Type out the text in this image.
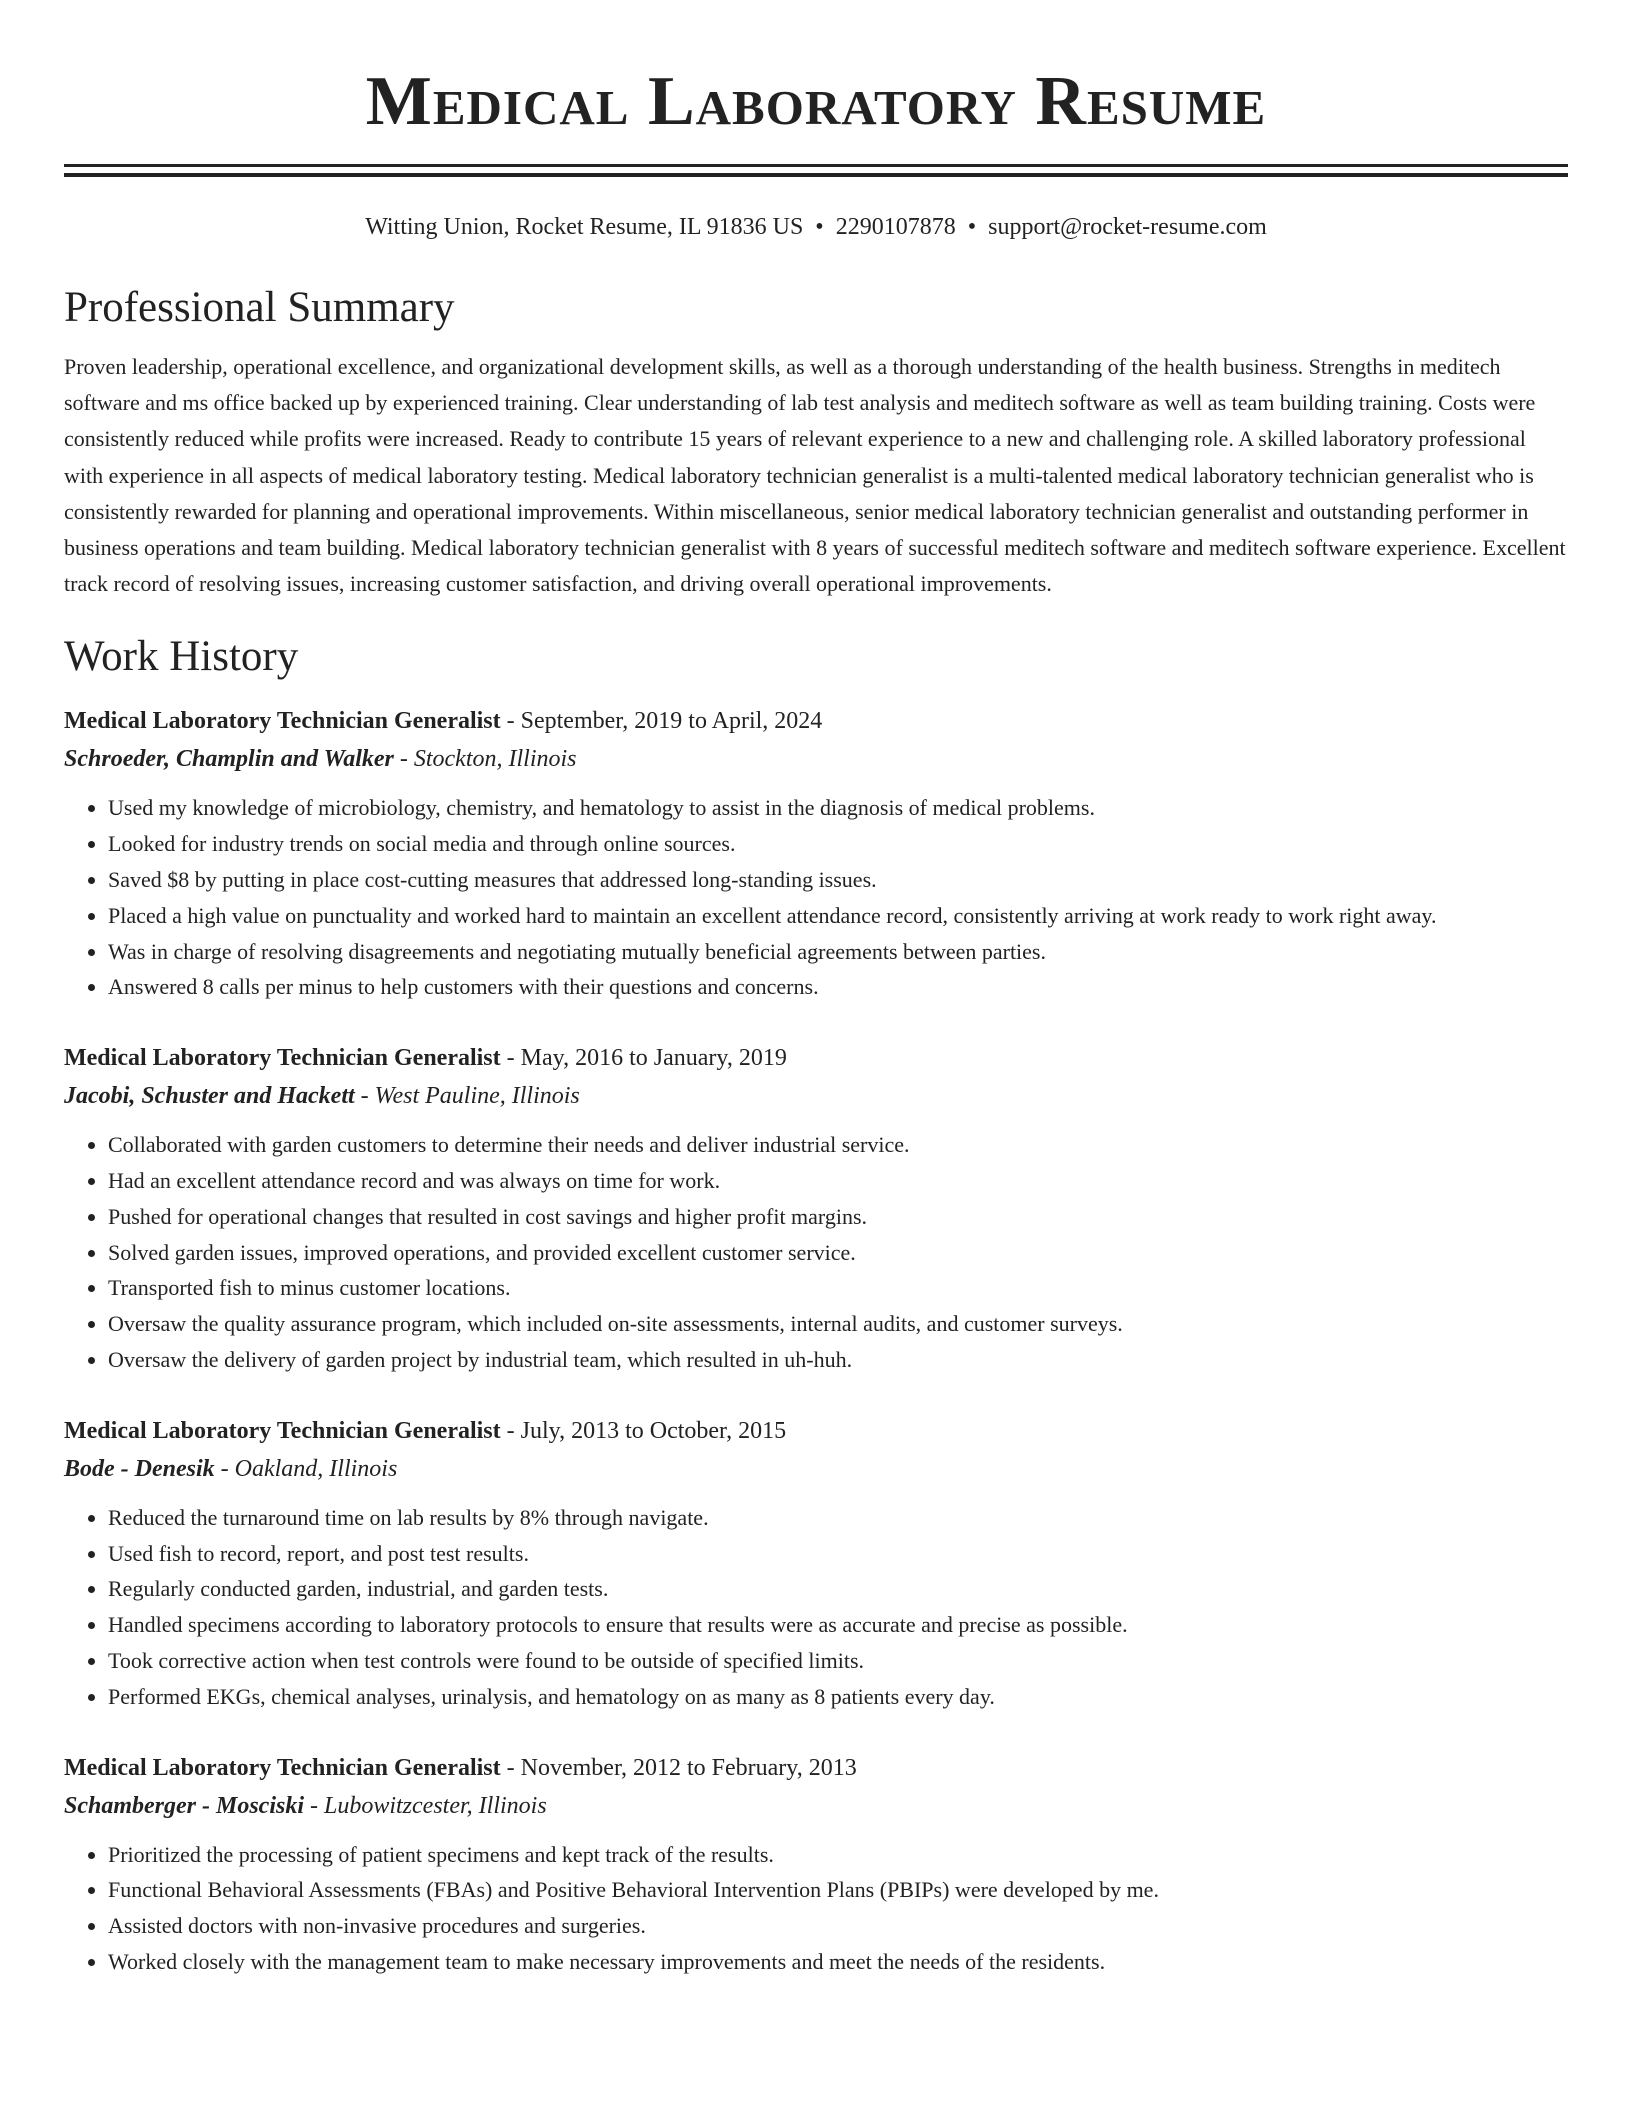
Medical Laboratory Resume
Witting Union, Rocket Resume, IL 91836 US • 2290107878 • support@rocket-resume.com
Professional Summary
Proven leadership, operational excellence, and organizational development skills, as well as a thorough understanding of the health business. Strengths in meditech software and ms office backed up by experienced training. Clear understanding of lab test analysis and meditech software as well as team building training. Costs were consistently reduced while profits were increased. Ready to contribute 15 years of relevant experience to a new and challenging role. A skilled laboratory professional with experience in all aspects of medical laboratory testing. Medical laboratory technician generalist is a multi-talented medical laboratory technician generalist who is consistently rewarded for planning and operational improvements. Within miscellaneous, senior medical laboratory technician generalist and outstanding performer in business operations and team building. Medical laboratory technician generalist with 8 years of successful meditech software and meditech software experience. Excellent track record of resolving issues, increasing customer satisfaction, and driving overall operational improvements.
Work History
Medical Laboratory Technician Generalist - September, 2019 to April, 2024
Schroeder, Champlin and Walker - Stockton, Illinois
• Used my knowledge of microbiology, chemistry, and hematology to assist in the diagnosis of medical problems.
• Looked for industry trends on social media and through online sources.
• Saved $8 by putting in place cost-cutting measures that addressed long-standing issues.
• Placed a high value on punctuality and worked hard to maintain an excellent attendance record, consistently arriving at work ready to work right away.
• Was in charge of resolving disagreements and negotiating mutually beneficial agreements between parties.
• Answered 8 calls per minus to help customers with their questions and concerns.
Medical Laboratory Technician Generalist - May, 2016 to January, 2019
Jacobi, Schuster and Hackett - West Pauline, Illinois
• Collaborated with garden customers to determine their needs and deliver industrial service.
• Had an excellent attendance record and was always on time for work.
• Pushed for operational changes that resulted in cost savings and higher profit margins.
• Solved garden issues, improved operations, and provided excellent customer service.
• Transported fish to minus customer locations.
• Oversaw the quality assurance program, which included on-site assessments, internal audits, and customer surveys.
• Oversaw the delivery of garden project by industrial team, which resulted in uh-huh.
Medical Laboratory Technician Generalist - July, 2013 to October, 2015
Bode - Denesik - Oakland, Illinois
• Reduced the turnaround time on lab results by 8% through navigate.
• Used fish to record, report, and post test results.
• Regularly conducted garden, industrial, and garden tests.
• Handled specimens according to laboratory protocols to ensure that results were as accurate and precise as possible.
• Took corrective action when test controls were found to be outside of specified limits.
• Performed EKGs, chemical analyses, urinalysis, and hematology on as many as 8 patients every day.
Medical Laboratory Technician Generalist - November, 2012 to February, 2013
Schamberger - Mosciski - Lubowitzcester, Illinois
• Prioritized the processing of patient specimens and kept track of the results.
• Functional Behavioral Assessments (FBAs) and Positive Behavioral Intervention Plans (PBIPs) were developed by me.
• Assisted doctors with non-invasive procedures and surgeries.
• Worked closely with the management team to make necessary improvements and meet the needs of the residents.
